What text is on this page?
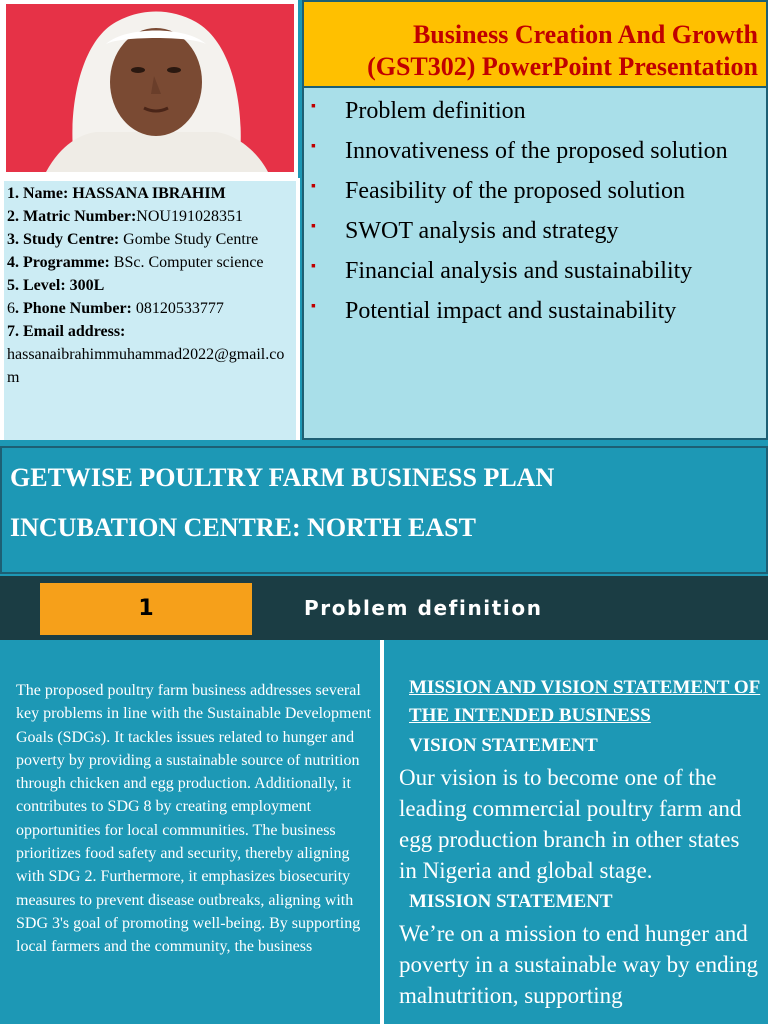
Business Creation And Growth
(GST302) PowerPoint Presentation
1. Name: HASSANA IBRAHIM
2. Matric Number:NOU191028351
3. Study Centre: Gombe Study Centre
4. Programme: BSc. Computer science
5. Level: 300L
6. Phone Number: 08120533777
7. Email address:
hassanaibrahimmuhammad2022@gmail.com
▪ Problem definition
▪ Innovativeness of the proposed solution
▪ Feasibility of the proposed solution
▪ SWOT analysis and strategy
▪ Financial analysis and sustainability
▪ Potential impact and sustainability
GETWISE POULTRY FARM BUSINESS PLAN
INCUBATION CENTRE: NORTH EAST
1	Problem definition
The proposed poultry farm business addresses several key problems in line with the Sustainable Development Goals (SDGs). It tackles issues related to hunger and poverty by providing a sustainable source of nutrition through chicken and egg production. Additionally, it contributes to SDG 8 by creating employment opportunities for local communities. The business prioritizes food safety and security, thereby aligning with SDG 2. Furthermore, it emphasizes biosecurity measures to prevent disease outbreaks, aligning with SDG 3's goal of promoting well-being. By supporting local farmers and the community, the business
MISSION AND VISION STATEMENT OF THE INTENDED BUSINESS
VISION STATEMENT
Our vision is to become one of the leading commercial poultry farm and egg production branch in other states in Nigeria and global stage.
MISSION STATEMENT
We’re on a mission to end hunger and poverty in a sustainable way by ending malnutrition, supporting
